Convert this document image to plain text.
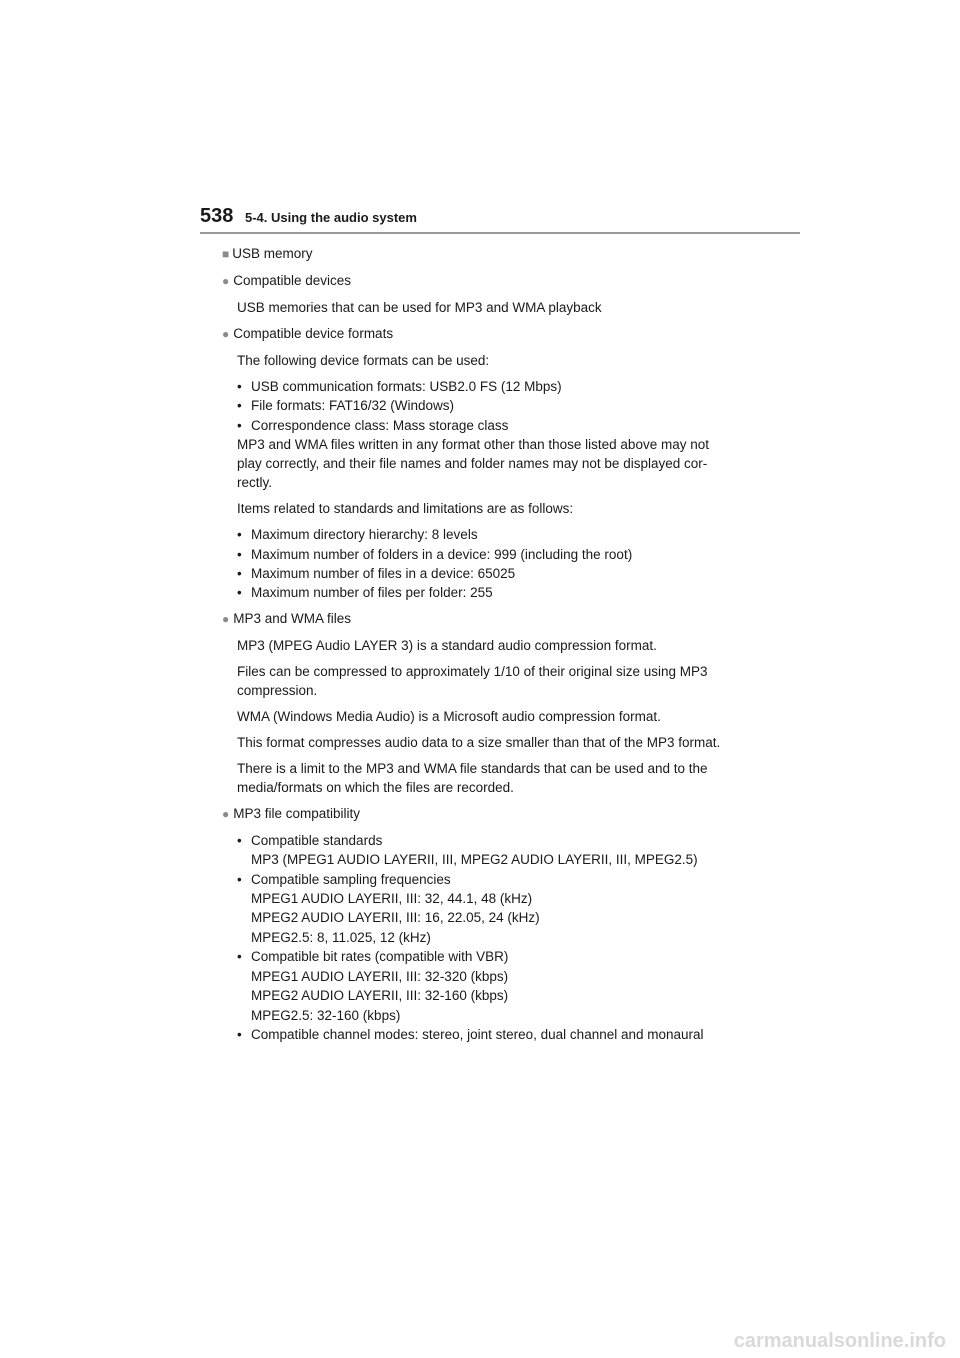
538 5-4. Using the audio system
■ USB memory
● Compatible devices
USB memories that can be used for MP3 and WMA playback
● Compatible device formats
The following device formats can be used:
• USB communication formats: USB2.0 FS (12 Mbps)
• File formats: FAT16/32 (Windows)
• Correspondence class: Mass storage class
MP3 and WMA files written in any format other than those listed above may not
play correctly, and their file names and folder names may not be displayed cor-
rectly.
Items related to standards and limitations are as follows:
• Maximum directory hierarchy: 8 levels
• Maximum number of folders in a device: 999 (including the root)
• Maximum number of files in a device: 65025
• Maximum number of files per folder: 255
● MP3 and WMA files
MP3 (MPEG Audio LAYER 3) is a standard audio compression format.
Files can be compressed to approximately 1/10 of their original size using MP3
compression.
WMA (Windows Media Audio) is a Microsoft audio compression format.
This format compresses audio data to a size smaller than that of the MP3 format.
There is a limit to the MP3 and WMA file standards that can be used and to the
media/formats on which the files are recorded.
● MP3 file compatibility
• Compatible standards
MP3 (MPEG1 AUDIO LAYERII, III, MPEG2 AUDIO LAYERII, III, MPEG2.5)
• Compatible sampling frequencies
MPEG1 AUDIO LAYERII, III: 32, 44.1, 48 (kHz)
MPEG2 AUDIO LAYERII, III: 16, 22.05, 24 (kHz)
MPEG2.5: 8, 11.025, 12 (kHz)
• Compatible bit rates (compatible with VBR)
MPEG1 AUDIO LAYERII, III: 32-320 (kbps)
MPEG2 AUDIO LAYERII, III: 32-160 (kbps)
MPEG2.5: 32-160 (kbps)
• Compatible channel modes: stereo, joint stereo, dual channel and monaural
carmanualsonline.info
